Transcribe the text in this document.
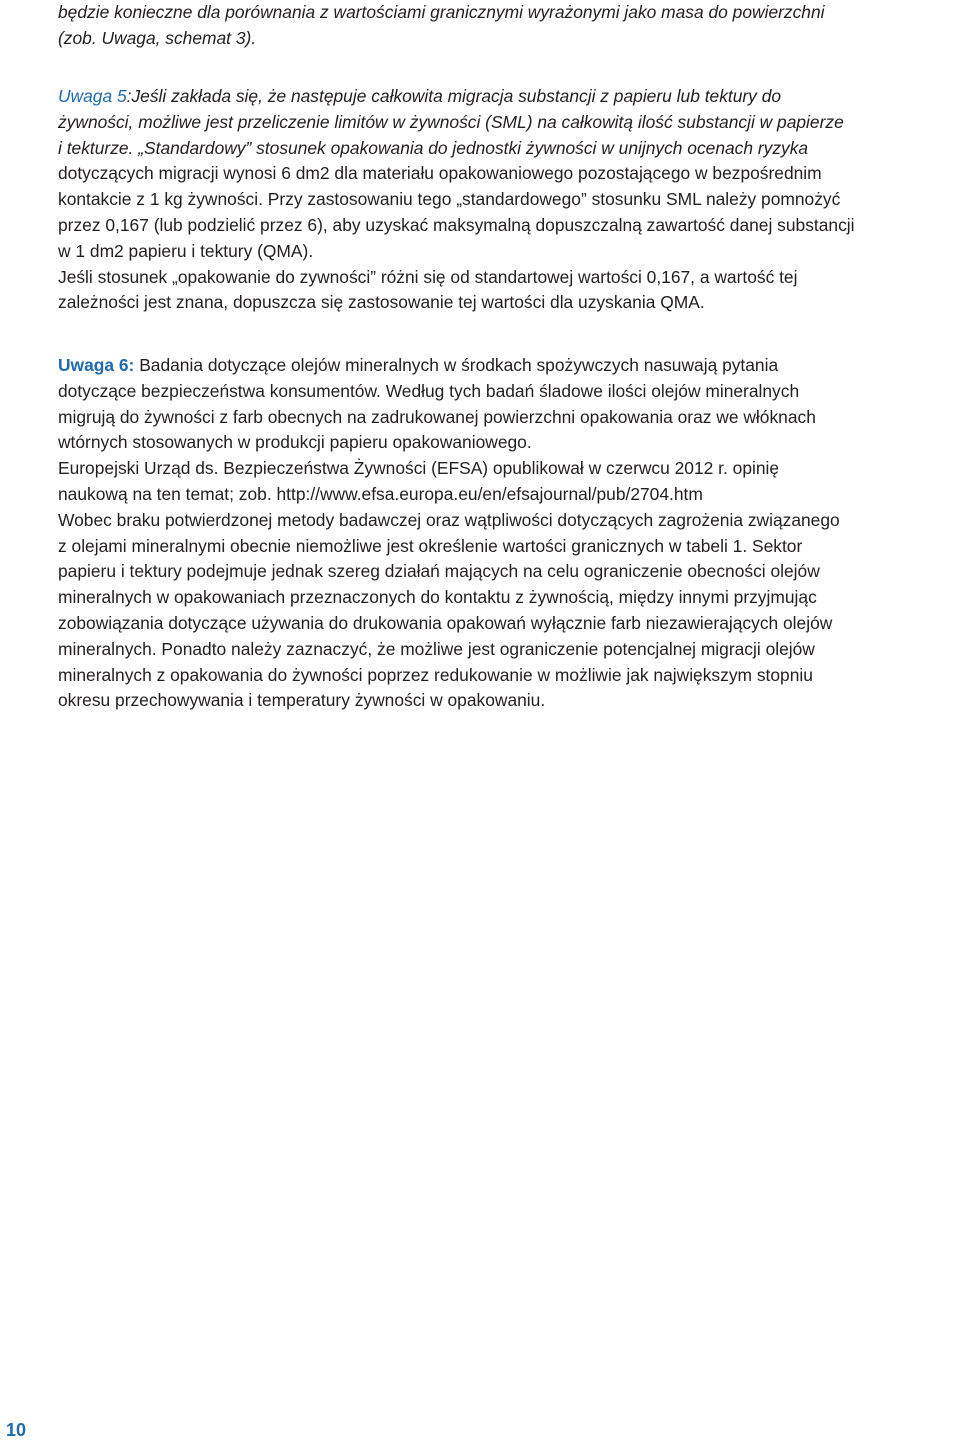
będzie konieczne dla porównania z wartościami granicznymi wyrażonymi jako masa do powierzchni
(zob. Uwaga, schemat 3).
Uwaga 5:Jeśli zakłada się, że następuje całkowita migracja substancji z papieru lub tektury do
żywności, możliwe jest przeliczenie limitów w żywności (SML) na całkowitą ilość substancji w papierze
i tekturze. „Standardowy” stosunek opakowania do jednostki żywności w unijnych ocenach ryzyka
dotyczących migracji wynosi 6 dm2 dla materiału opakowaniowego pozostającego w bezpośrednim
kontakcie z 1 kg żywności. Przy zastosowaniu tego „standardowego” stosunku SML należy pomnożyć
przez 0,167 (lub podzielić przez 6), aby uzyskać maksymalną dopuszczalną zawartość danej substancji
w 1 dm2 papieru i tektury (QMA).
Jeśli stosunek „opakowanie do zywności” różni się od standartowej wartości 0,167, a wartość tej
zależności jest znana, dopuszcza się zastosowanie tej wartości dla uzyskania QMA.
Uwaga 6: Badania dotyczące olejów mineralnych w środkach spożywczych nasuwają pytania
dotyczące bezpieczeństwa konsumentów. Według tych badań śladowe ilości olejów mineralnych
migrują do żywności z farb obecnych na zadrukowanej powierzchni opakowania oraz we włóknach
wtórnych stosowanych w produkcji papieru opakowaniowego.
Europejski Urząd ds. Bezpieczeństwa Żywności (EFSA) opublikował w czerwcu 2012 r. opinię
naukową na ten temat; zob. http://www.efsa.europa.eu/en/efsajournal/pub/2704.htm
Wobec braku potwierdzonej metody badawczej oraz wątpliwości dotyczących zagrożenia związanego
z olejami mineralnymi obecnie niemożliwe jest określenie wartości granicznych w tabeli 1. Sektor
papieru i tektury podejmuje jednak szereg działań mających na celu ograniczenie obecności olejów
mineralnych w opakowaniach przeznaczonych do kontaktu z żywnością, między innymi przyjmując
zobowiązania dotyczące używania do drukowania opakowań wyłącznie farb niezawierających olejów
mineralnych. Ponadto należy zaznaczyć, że możliwe jest ograniczenie potencjalnej migracji olejów
mineralnych z opakowania do żywności poprzez redukowanie w możliwie jak największym stopniu
okresu przechowywania i temperatury żywności w opakowaniu.
10
